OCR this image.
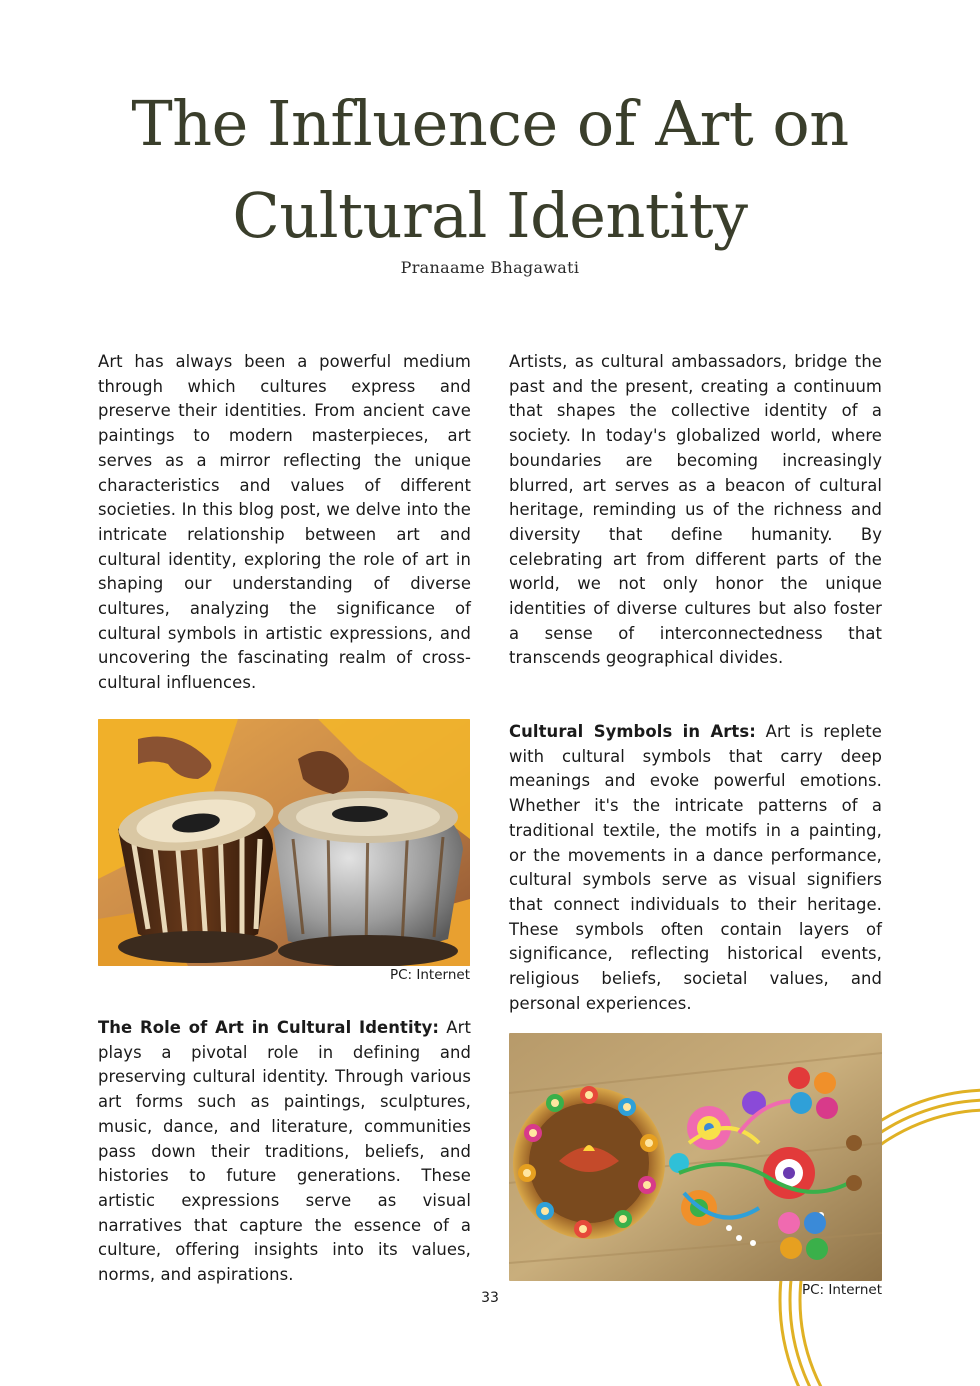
The Influence of Art on
Cultural Identity
Pranaame Bhagawati

Art has always been a powerful medium through which cultures express and preserve their identities. From ancient cave paintings to modern masterpieces, art serves as a mirror reflecting the unique characteristics and values of different societies. In this blog post, we delve into the intricate relationship between art and cultural identity, exploring the role of art in shaping our understanding of diverse cultures, analyzing the significance of cultural symbols in artistic expressions, and uncovering the fascinating realm of cross-cultural influences.

PC: Internet

The Role of Art in Cultural Identity: Art plays a pivotal role in defining and preserving cultural identity. Through various art forms such as paintings, sculptures, music, dance, and literature, communities pass down their traditions, beliefs, and histories to future generations. These artistic expressions serve as visual narratives that capture the essence of a culture, offering insights into its values, norms, and aspirations.

Artists, as cultural ambassadors, bridge the past and the present, creating a continuum that shapes the collective identity of a society. In today's globalized world, where boundaries are becoming increasingly blurred, art serves as a beacon of cultural heritage, reminding us of the richness and diversity that define humanity. By celebrating art from different parts of the world, we not only honor the unique identities of diverse cultures but also foster a sense of interconnectedness that transcends geographical divides.

Cultural Symbols in Arts: Art is replete with cultural symbols that carry deep meanings and evoke powerful emotions. Whether it's the intricate patterns of a traditional textile, the motifs in a painting, or the movements in a dance performance, cultural symbols serve as visual signifiers that connect individuals to their heritage. These symbols often contain layers of significance, reflecting historical events, religious beliefs, societal values, and personal experiences.

PC: Internet
33
